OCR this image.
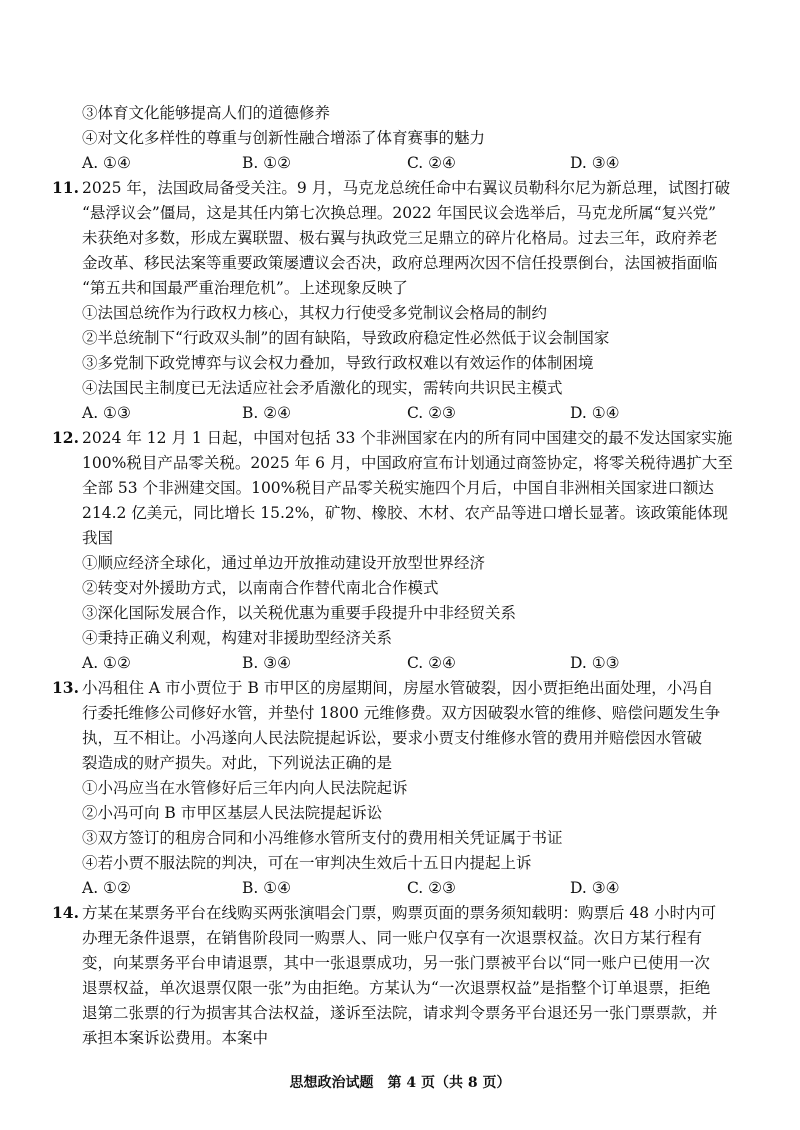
③体育文化能够提高人们的道德修养
④对文化多样性的尊重与创新性融合增添了体育赛事的魅力
A. ①④	B. ①②	C. ②④	D. ③④
11. 2025 年，法国政局备受关注。9 月，马克龙总统任命中右翼议员勒科尔尼为新总理，试图打破
“悬浮议会”僵局，这是其任内第七次换总理。2022 年国民议会选举后，马克龙所属“复兴党”
未获绝对多数，形成左翼联盟、极右翼与执政党三足鼎立的碎片化格局。过去三年，政府养老
金改革、移民法案等重要政策屡遭议会否决，政府总理两次因不信任投票倒台，法国被指面临
“第五共和国最严重治理危机”。上述现象反映了
①法国总统作为行政权力核心，其权力行使受多党制议会格局的制约
②半总统制下“行政双头制”的固有缺陷，导致政府稳定性必然低于议会制国家
③多党制下政党博弈与议会权力叠加，导致行政权难以有效运作的体制困境
④法国民主制度已无法适应社会矛盾激化的现实，需转向共识民主模式
A. ①③	B. ②④	C. ②③	D. ①④
12. 2024 年 12 月 1 日起，中国对包括 33 个非洲国家在内的所有同中国建交的最不发达国家实施
100%税目产品零关税。2025 年 6 月，中国政府宣布计划通过商签协定，将零关税待遇扩大至
全部 53 个非洲建交国。100%税目产品零关税实施四个月后，中国自非洲相关国家进口额达
214.2 亿美元，同比增长 15.2%，矿物、橡胶、木材、农产品等进口增长显著。该政策能体现
我国
①顺应经济全球化，通过单边开放推动建设开放型世界经济
②转变对外援助方式，以南南合作替代南北合作模式
③深化国际发展合作，以关税优惠为重要手段提升中非经贸关系
④秉持正确义利观，构建对非援助型经济关系
A. ①②	B. ③④	C. ②④	D. ①③
13. 小冯租住 A 市小贾位于 B 市甲区的房屋期间，房屋水管破裂，因小贾拒绝出面处理，小冯自
行委托维修公司修好水管，并垫付 1800 元维修费。双方因破裂水管的维修、赔偿问题发生争
执，互不相让。小冯遂向人民法院提起诉讼，要求小贾支付维修水管的费用并赔偿因水管破
裂造成的财产损失。对此，下列说法正确的是
①小冯应当在水管修好后三年内向人民法院起诉
②小冯可向 B 市甲区基层人民法院提起诉讼
③双方签订的租房合同和小冯维修水管所支付的费用相关凭证属于书证
④若小贾不服法院的判决，可在一审判决生效后十五日内提起上诉
A. ①②	B. ①④	C. ②③	D. ③④
14. 方某在某票务平台在线购买两张演唱会门票，购票页面的票务须知载明：购票后 48 小时内可
办理无条件退票，在销售阶段同一购票人、同一账户仅享有一次退票权益。次日方某行程有
变，向某票务平台申请退票，其中一张退票成功，另一张门票被平台以“同一账户已使用一次
退票权益，单次退票仅限一张”为由拒绝。方某认为“一次退票权益”是指整个订单退票，拒绝
退第二张票的行为损害其合法权益，遂诉至法院，请求判令票务平台退还另一张门票票款，并
承担本案诉讼费用。本案中
思想政治试题　第 4 页（共 8 页）
